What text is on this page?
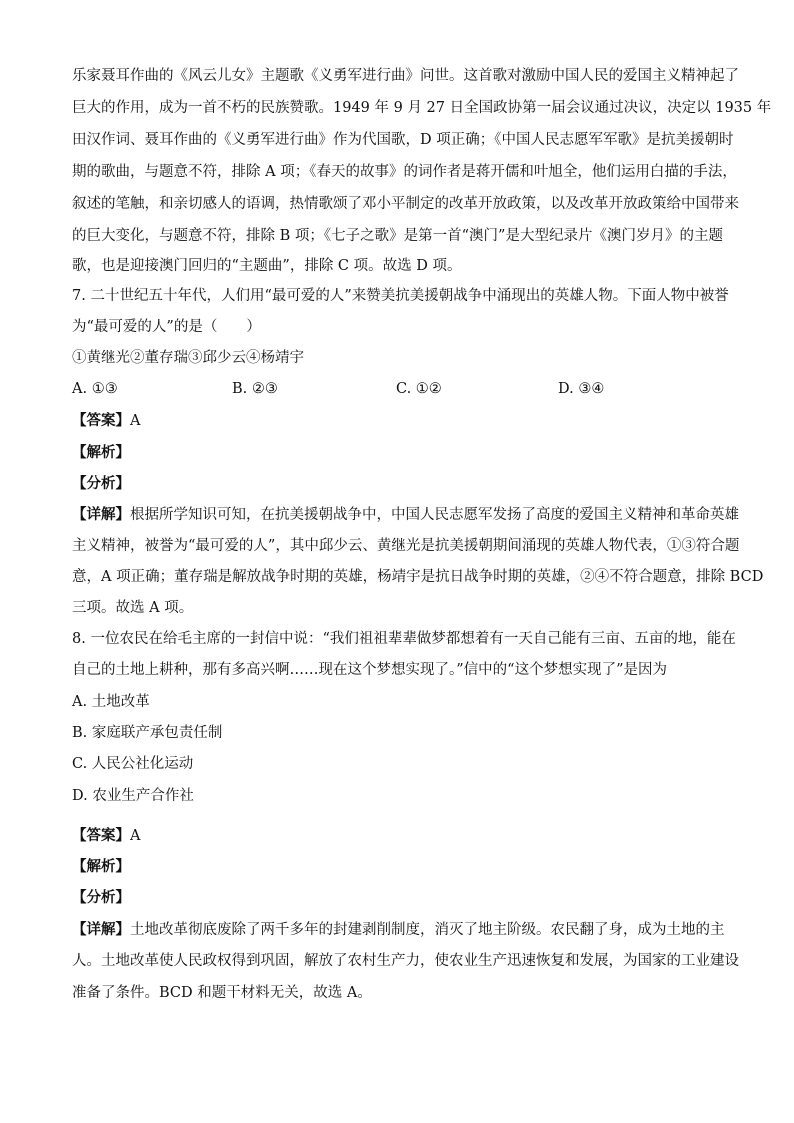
乐家聂耳作曲的《风云儿女》主题歌《义勇军进行曲》问世。这首歌对激励中国人民的爱国主义精神起了
巨大的作用，成为一首不朽的民族赞歌。1949 年 9 月 27 日全国政协第一届会议通过决议，决定以 1935 年
田汉作词、聂耳作曲的《义勇军进行曲》作为代国歌，D 项正确；《中国人民志愿军军歌》是抗美援朝时
期的歌曲，与题意不符，排除 A 项；《春天的故事》的词作者是蒋开儒和叶旭全，他们运用白描的手法，
叙述的笔触，和亲切感人的语调，热情歌颂了邓小平制定的改革开放政策，以及改革开放政策给中国带来
的巨大变化，与题意不符，排除 B 项；《七子之歌》是第一首“澳门”是大型纪录片《澳门岁月》的主题
歌，也是迎接澳门回归的“主题曲”，排除 C 项。故选 D 项。
7. 二十世纪五十年代，人们用“最可爱的人”来赞美抗美援朝战争中涌现出的英雄人物。下面人物中被誉
为“最可爱的人”的是（　　）
①黄继光②董存瑞③邱少云④杨靖宇
A. ①③	B. ②③	C. ①②	D. ③④
【答案】A
【解析】
【分析】
【详解】根据所学知识可知，在抗美援朝战争中，中国人民志愿军发扬了高度的爱国主义精神和革命英雄
主义精神，被誉为“最可爱的人”，其中邱少云、黄继光是抗美援朝期间涌现的英雄人物代表，①③符合题
意，A 项正确；董存瑞是解放战争时期的英雄，杨靖宇是抗日战争时期的英雄，②④不符合题意，排除 BCD
三项。故选 A 项。
8. 一位农民在给毛主席的一封信中说：“我们祖祖辈辈做梦都想着有一天自己能有三亩、五亩的地，能在
自己的土地上耕种，那有多高兴啊……现在这个梦想实现了。”信中的“这个梦想实现了”是因为
A. 土地改革
B. 家庭联产承包责任制
C. 人民公社化运动
D. 农业生产合作社
【答案】A
【解析】
【分析】
【详解】土地改革彻底废除了两千多年的封建剥削制度，消灭了地主阶级。农民翻了身，成为土地的主
人。土地改革使人民政权得到巩固，解放了农村生产力，使农业生产迅速恢复和发展，为国家的工业建设
准备了条件。BCD 和题干材料无关，故选 A。
